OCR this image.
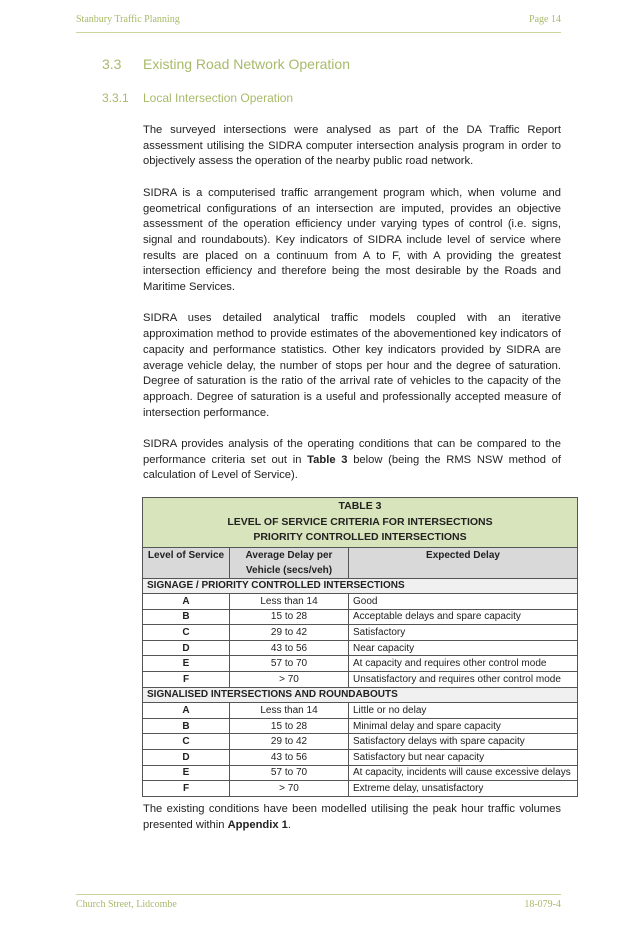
Stanbury Traffic Planning	Page 14
3.3 Existing Road Network Operation
3.3.1 Local Intersection Operation

The surveyed intersections were analysed as part of the DA Traffic Report assessment utilising the SIDRA computer intersection analysis program in order to objectively assess the operation of the nearby public road network.

SIDRA is a computerised traffic arrangement program which, when volume and geometrical configurations of an intersection are imputed, provides an objective assessment of the operation efficiency under varying types of control (i.e. signs, signal and roundabouts). Key indicators of SIDRA include level of service where results are placed on a continuum from A to F, with A providing the greatest intersection efficiency and therefore being the most desirable by the Roads and Maritime Services.

SIDRA uses detailed analytical traffic models coupled with an iterative approximation method to provide estimates of the abovementioned key indicators of capacity and performance statistics. Other key indicators provided by SIDRA are average vehicle delay, the number of stops per hour and the degree of saturation. Degree of saturation is the ratio of the arrival rate of vehicles to the capacity of the approach. Degree of saturation is a useful and professionally accepted measure of intersection performance.

SIDRA provides analysis of the operating conditions that can be compared to the performance criteria set out in Table 3 below (being the RMS NSW method of calculation of Level of Service).

TABLE 3
LEVEL OF SERVICE CRITERIA FOR INTERSECTIONS
PRIORITY CONTROLLED INTERSECTIONS		

Level of Service	Average Delay per Vehicle (secs/veh)	Expected Delay
SIGNAGE / PRIORITY CONTROLLED INTERSECTIONS		
A	Less than 14	Good
B	15 to 28	Acceptable delays and spare capacity
C	29 to 42	Satisfactory
D	43 to 56	Near capacity
E	57 to 70	At capacity and requires other control mode
F	> 70	Unsatisfactory and requires other control mode
SIGNALISED INTERSECTIONS AND ROUNDABOUTS		
A	Less than 14	Little or no delay
B	15 to 28	Minimal delay and spare capacity
C	29 to 42	Satisfactory delays with spare capacity
D	43 to 56	Satisfactory but near capacity
E	57 to 70	At capacity, incidents will cause excessive delays
F	> 70	Extreme delay, unsatisfactory

The existing conditions have been modelled utilising the peak hour traffic volumes presented within Appendix 1.

Church Street, Lidcombe	18-079-4
